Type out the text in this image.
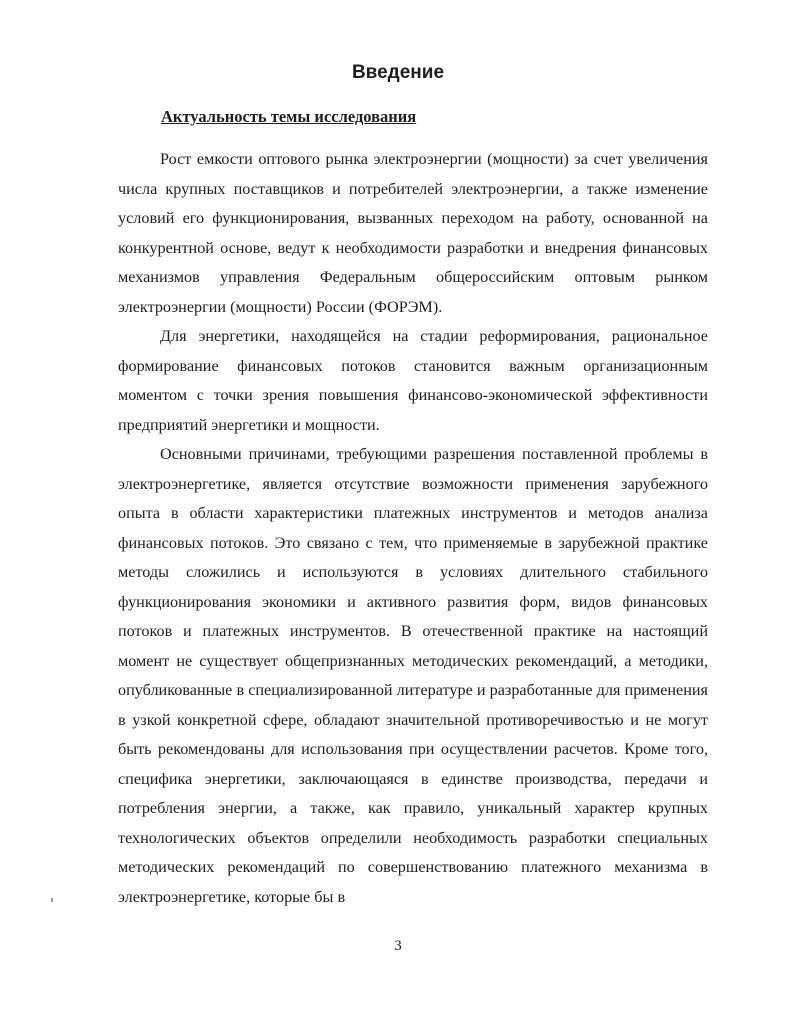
Введение
Актуальность темы исследования

Рост емкости оптового рынка электроэнергии (мощности) за счет увеличения числа крупных поставщиков и потребителей электроэнергии, а также изменение условий его функционирования, вызванных переходом на работу, основанной на конкурентной основе, ведут к необходимости разработки и внедрения финансовых механизмов управления Федеральным общероссийским оптовым рынком электроэнергии (мощности) России (ФОРЭМ).

Для энергетики, находящейся на стадии реформирования, рациональное формирование финансовых потоков становится важным организационным моментом с точки зрения повышения финансово-экономической эффективности предприятий энергетики и мощности.

Основными причинами, требующими разрешения поставленной проблемы в электроэнергетике, является отсутствие возможности применения зарубежного опыта в области характеристики платежных инструментов и методов анализа финансовых потоков. Это связано с тем, что применяемые в зарубежной практике методы сложились и используются в условиях длительного стабильного функционирования экономики и активного развития форм, видов финансовых потоков и платежных инструментов. В отечественной практике на настоящий момент не существует общепризнанных методических рекомендаций, а методики, опубликованные в специализированной литературе и разработанные для применения в узкой конкретной сфере, обладают значительной противоречивостью и не могут быть рекомендованы для использования при осуществлении расчетов. Кроме того, специфика энергетики, заключающаяся в единстве производства, передачи и потребления энергии, а также, как правило, уникальный характер крупных технологических объектов определили необходимость разработки специальных методических рекомендаций по совершенствованию платежного механизма в электроэнергетике, которые бы в

3
